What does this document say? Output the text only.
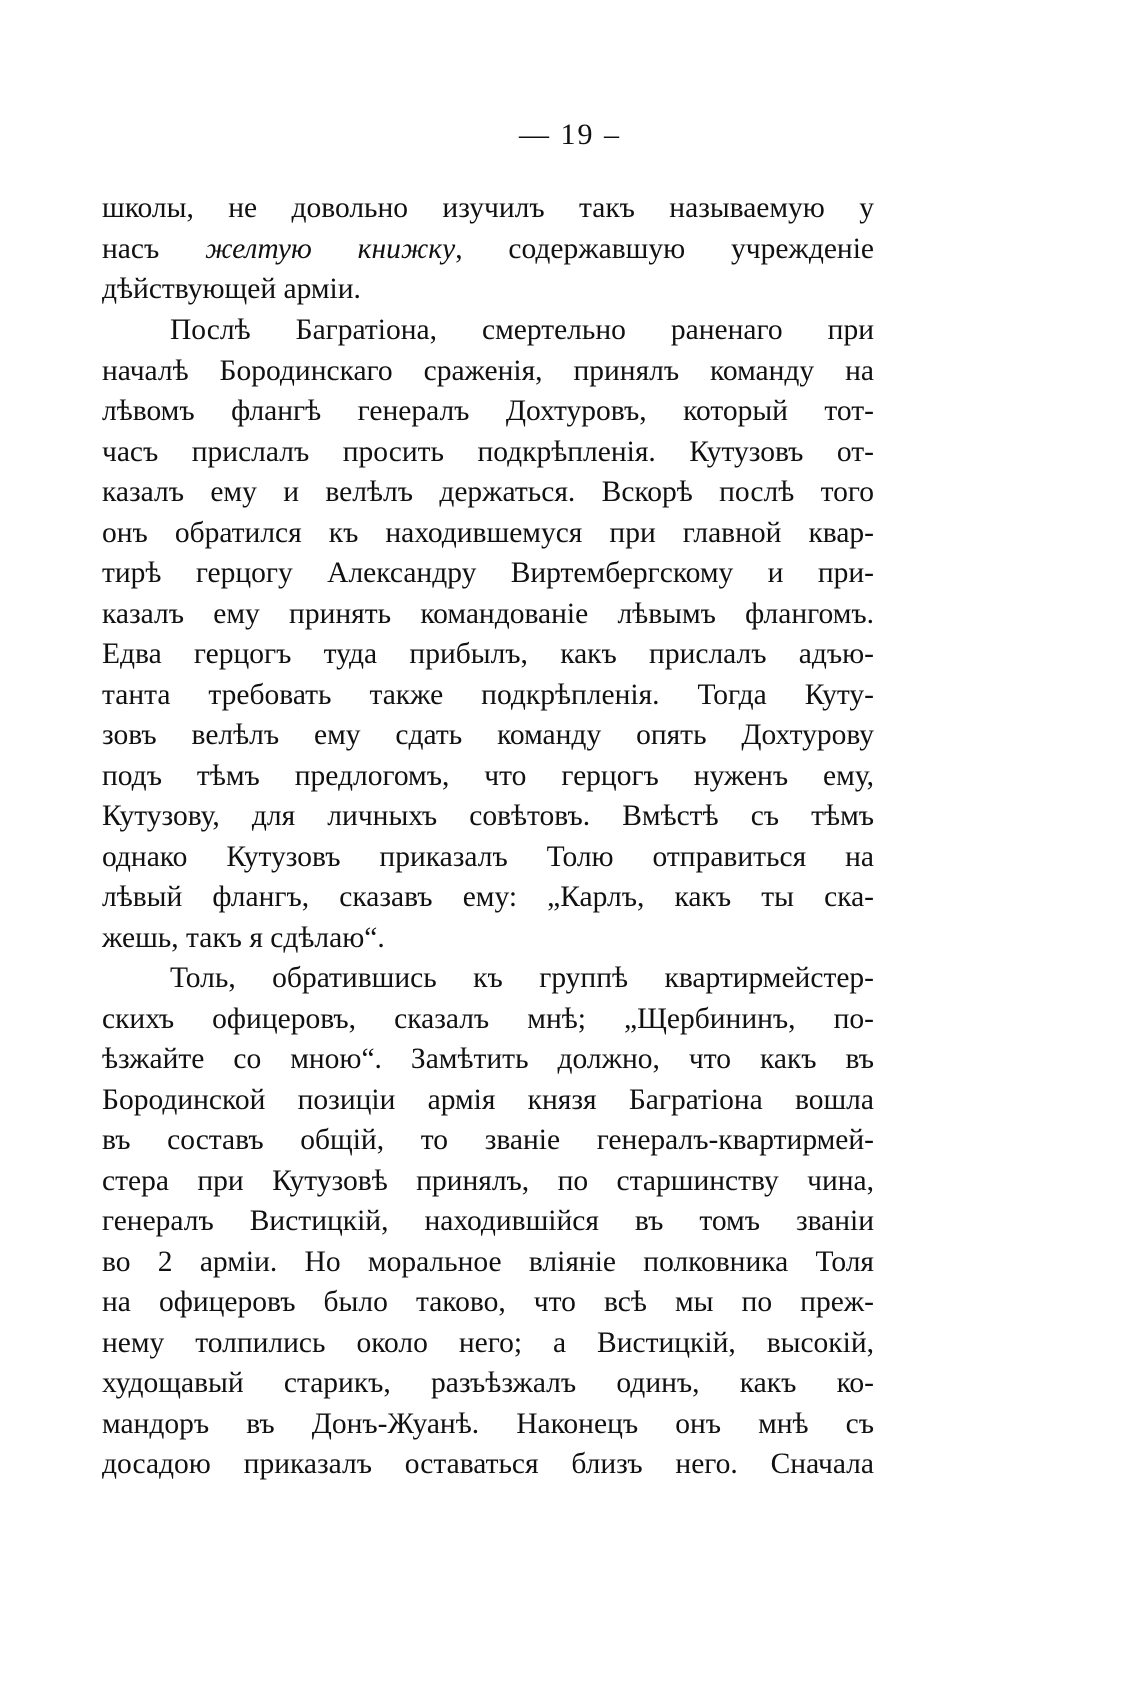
— 19 –
школы, не довольно изучилъ такъ называемую у
насъ желтую книжку, содержавшую учрежденіе
дѣйствующей арміи.
Послѣ Багратіона, смертельно раненаго при
началѣ Бородинскаго сраженія, принялъ команду на
лѣвомъ флангѣ генералъ Дохтуровъ, который тот-
часъ прислалъ просить подкрѣпленія. Кутузовъ от-
казалъ ему и велѣлъ держаться. Вскорѣ послѣ того
онъ обратился къ находившемуся при главной квар-
тирѣ герцогу Александру Виртембергскому и при-
казалъ ему принять командованіе лѣвымъ флангомъ.
Едва герцогъ туда прибылъ, какъ прислалъ адъю-
танта требовать также подкрѣпленія. Тогда Куту-
зовъ велѣлъ ему сдать команду опять Дохтурову
подъ тѣмъ предлогомъ, что герцогъ нуженъ ему,
Кутузову, для личныхъ совѣтовъ. Вмѣстѣ съ тѣмъ
однако Кутузовъ приказалъ Толю отправиться на
лѣвый флангъ, сказавъ ему: „Карлъ, какъ ты ска-
жешь, такъ я сдѣлаю“.
Толь, обратившись къ группѣ квартирмейстер-
скихъ офицеровъ, сказалъ мнѣ; „Щербининъ, по-
ѣзжайте со мною“. Замѣтить должно, что какъ въ
Бородинской позиціи армія князя Багратіона вошла
въ составъ общій, то званіе генералъ-квартирмей-
стера при Кутузовѣ принялъ, по старшинству чина,
генералъ Вистицкій, находившійся въ томъ званіи
во 2 арміи. Но моральное вліяніе полковника Толя
на офицеровъ было таково, что всѣ мы по преж-
нему толпились около него; а Вистицкій, высокій,
худощавый старикъ, разъѣзжалъ одинъ, какъ ко-
мандоръ въ Донъ-Жуанѣ. Наконецъ онъ мнѣ съ
досадою приказалъ оставаться близъ него. Сначала
